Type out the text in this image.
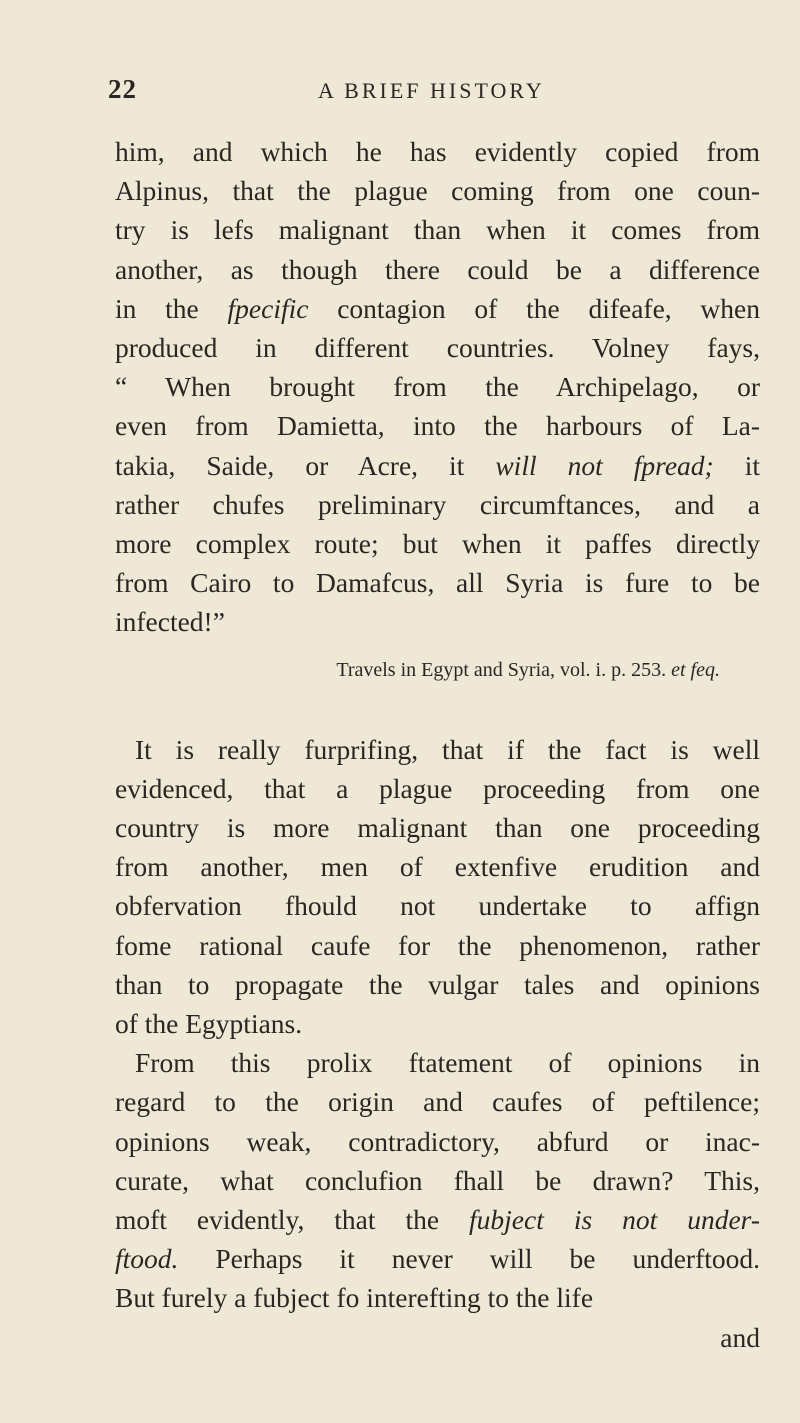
22	A BRIEF HISTORY
him, and which he has evidently copied from
Alpinus, that the plague coming from one coun-
try is lefs malignant than when it comes from
another, as though there could be a difference
in the fpecific contagion of the difeafe, when
produced in different countries. Volney fays,
“ When brought from the Archipelago, or
even from Damietta, into the harbours of La-
takia, Saide, or Acre, it will not fpread; it
rather chufes preliminary circumftances, and a
more complex route; but when it paffes directly
from Cairo to Damafcus, all Syria is fure to be
infected!”
Travels in Egypt and Syria, vol. i. p. 253. et feq.
It is really furprifing, that if the fact is well
evidenced, that a plague proceeding from one
country is more malignant than one proceeding
from another, men of extenfive erudition and
obfervation fhould not undertake to affign
fome rational caufe for the phenomenon, rather
than to propagate the vulgar tales and opinions
of the Egyptians.
From this prolix ftatement of opinions in
regard to the origin and caufes of peftilence;
opinions weak, contradictory, abfurd or inac-
curate, what conclufion fhall be drawn? This,
moft evidently, that the fubject is not under-
ftood. Perhaps it never will be underftood.
But furely a fubject fo interefting to the life
and
